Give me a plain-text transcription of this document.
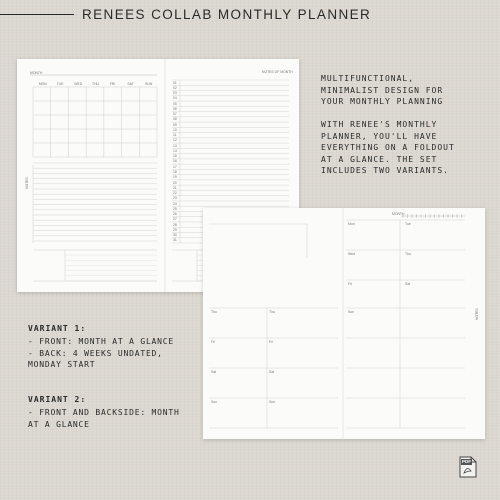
RENEES COLLAB MONTHLY PLANNER
MONTH	NOTES OF MONTH
NOTES
MON	TUE	WED	THU	FRI	SAT	SUN	01
02
03
04
05
06
07
08
09
10
11
12
13
14
15
16
17
18
19
20
21
22
23
24
25
26
27
28
29
30
31
MONTH
NOTES
Mon	Tue
Wed	Thu
Fri	Sat
Sun
Thu	Thu
Fri	Fri
Sat	Sat
Sun	Sun
MULTIFUNCTIONAL,
MINIMALIST DESIGN FOR
YOUR MONTHLY PLANNING
WITH RENEE'S MONTHLY
PLANNER, YOU'LL HAVE
EVERYTHING ON A FOLDOUT
AT A GLANCE. THE SET
INCLUDES TWO VARIANTS.
VARIANT 1:
- FRONT: MONTH AT A GLANCE
- BACK: 4 WEEKS UNDATED,
MONDAY START
VARIANT 2:
- FRONT AND BACKSIDE: MONTH
AT A GLANCE
PDF
